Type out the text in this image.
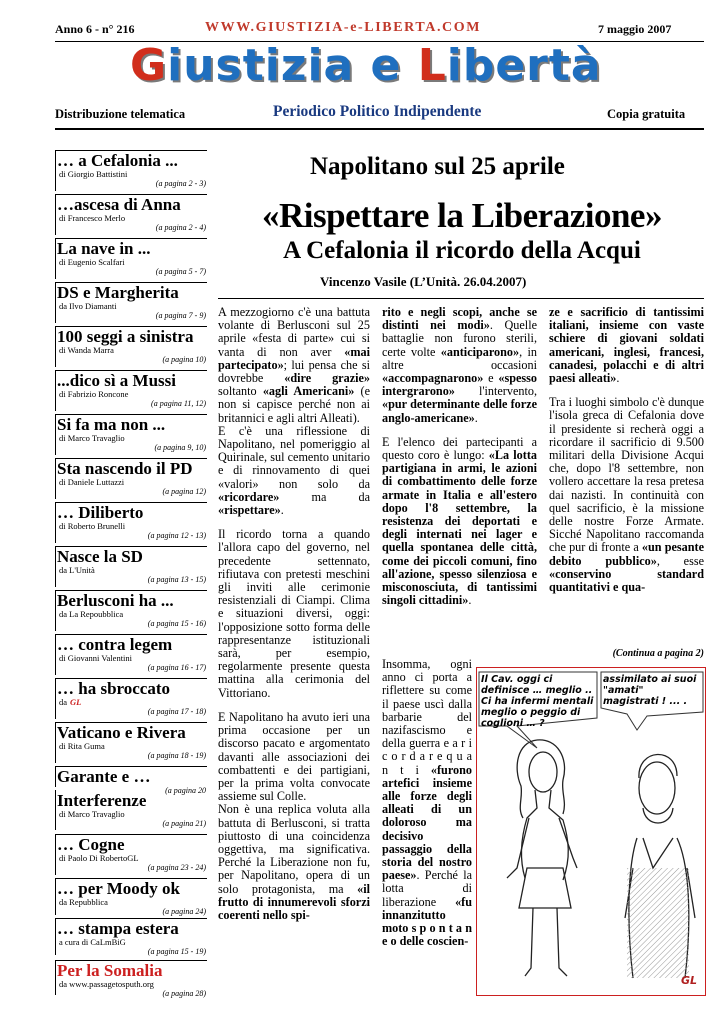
Anno 6 - n° 216	WWW.GIUSTIZIA-e-LIBERTA.COM	7 maggio 2007
Giustizia e Libertà
Distribuzione telematica	Periodico Politico Indipendente	Copia gratuita
… a Cefalonia ...
di Giorgio Battistini
(a pagina 2 - 3)
…ascesa di Anna
di Francesco Merlo
(a pagina 2 - 4)
La nave in ...
di Eugenio Scalfari
(a pagina 5 - 7)
DS e Margherita
da Ilvo Diamanti
(a pagina 7 - 9)
100 seggi a sinistra
di Wanda Marra
(a pagina 10)
...dico sì a Mussi
di Fabrizio Roncone
(a pagina 11, 12)
Si fa ma non ...
di Marco Travaglio
(a pagina 9, 10)
Sta nascendo il PD
di Daniele Luttazzi
(a pagina 12)
… Diliberto
di Roberto Brunelli
(a pagina 12 - 13)
Nasce la SD
da L'Unità
(a pagina 13 - 15)
Berlusconi ha ...
da La Repoubblica
(a pagina 15 - 16)
… contra legem
di Giovanni Valentini
(a pagina 16 - 17)
… ha sbroccato
da GL
(a pagina 17 - 18)
Vaticano e Rivera
di Rita Guma
(a pagina 18 - 19)
Garante e …
(a pagina 20
Interferenze
di Marco Travaglio
(a pagina 21)
… Cogne
di Paolo Di RobertoGL
(a pagina 23 - 24)
… per Moody ok
da Repubblica
(a pagina 24)
… stampa estera
a cura di CaLmBiG
(a pagina 15 - 19)
Per la Somalia
da www.passagetosputh.org
(a pagina 28)
Napolitano sul 25 aprile
«Rispettare la Liberazione»
A Cefalonia il ricordo della Acqui
Vincenzo Vasile (L’Unità. 26.04.2007)

A mezzogiorno c'è una battuta volante di Berlusconi sul 25 aprile «festa di parte» cui si vanta di non aver «mai partecipato»; lui pensa che si dovrebbe «dire grazie» soltanto «agli Americani» (e non si capisce perché non ai britannici e agli altri Alleati).
E c'è una riflessione di Napolitano, nel pomeriggio al Quirinale, sul cemento unitario e di rinnovamento di quei «valori» non solo da «ricordare» ma da «rispettare».

Il ricordo torna a quando l'allora capo del governo, nel precedente settennato, rifiutava con pretesti meschini gli inviti alle cerimonie resistenziali di Ciampi. Clima e situazioni diversi, oggi: l'opposizione sotto forma delle rappresentanze istituzionali sarà, per esempio, regolarmente presente questa mattina alla cerimonia del Vittoriano.

E Napolitano ha avuto ieri una prima occasione per un discorso pacato e argomentato davanti alle associazioni dei combattenti e dei partigiani, per la prima volta convocate assieme sul Colle.
Non è una replica voluta alla battuta di Berlusconi, si tratta piuttosto di una coincidenza oggettiva, ma significativa. Perché la Liberazione non fu, per Napolitano, opera di un solo protagonista, ma «il frutto di innumerevoli sforzi coerenti nello spi-

rito e negli scopi, anche se distinti nei modi». Quelle battaglie non furono sterili, certe volte «anticiparono», in altre occasioni «accompagnarono» e «spesso intergrarono» l'intervento, «pur determinante delle forze anglo-americane».

E l'elenco dei partecipanti a questo coro è lungo: «La lotta partigiana in armi, le azioni di combattimento delle forze armate in Italia e all'estero dopo l'8 settembre, la resistenza dei deportati e degli internati nei lager e quella spontanea delle città, come dei piccoli comuni, fino all'azione, spesso silenziosa e misconosciuta, di tantissimi singoli cittadini».

Insomma, ogni anno ci porta a riflettere su come il paese uscì dalla barbarie del nazifascismo e della guerra e a r i c o r d a r e q u a n t i «furono artefici insieme alle forze degli alleati di un doloroso ma decisivo passaggio della storia del nostro paese». Perché la lotta di liberazione «fu innanzitutto moto s p o n t a n e o delle coscien-

ze e sacrificio di tantissimi italiani, insieme con vaste schiere di giovani soldati americani, inglesi, francesi, canadesi, polacchi e di altri paesi alleati».

Tra i luoghi simbolo c'è dunque l'isola greca di Cefalonia dove il presidente si recherà oggi a ricordare il sacrificio di 9.500 militari della Divisione Acqui che, dopo l'8 settembre, non vollero accettare la resa pretesa dai nazisti. In continuità con quel sacrificio, è la missione delle nostre Forze Armate. Sicché Napolitano raccomanda che pur di fronte a «un pesante debito pubblico», esse «conservino standard quantitativi e qua-

(Continua a pagina 2)
Il Cav. oggi ci definisce … meglio .. Ci ha infermi mentali meglio o peggio di coglioni … ?
assimilato ai suoi "amati" magistrati ! ... .
GL
